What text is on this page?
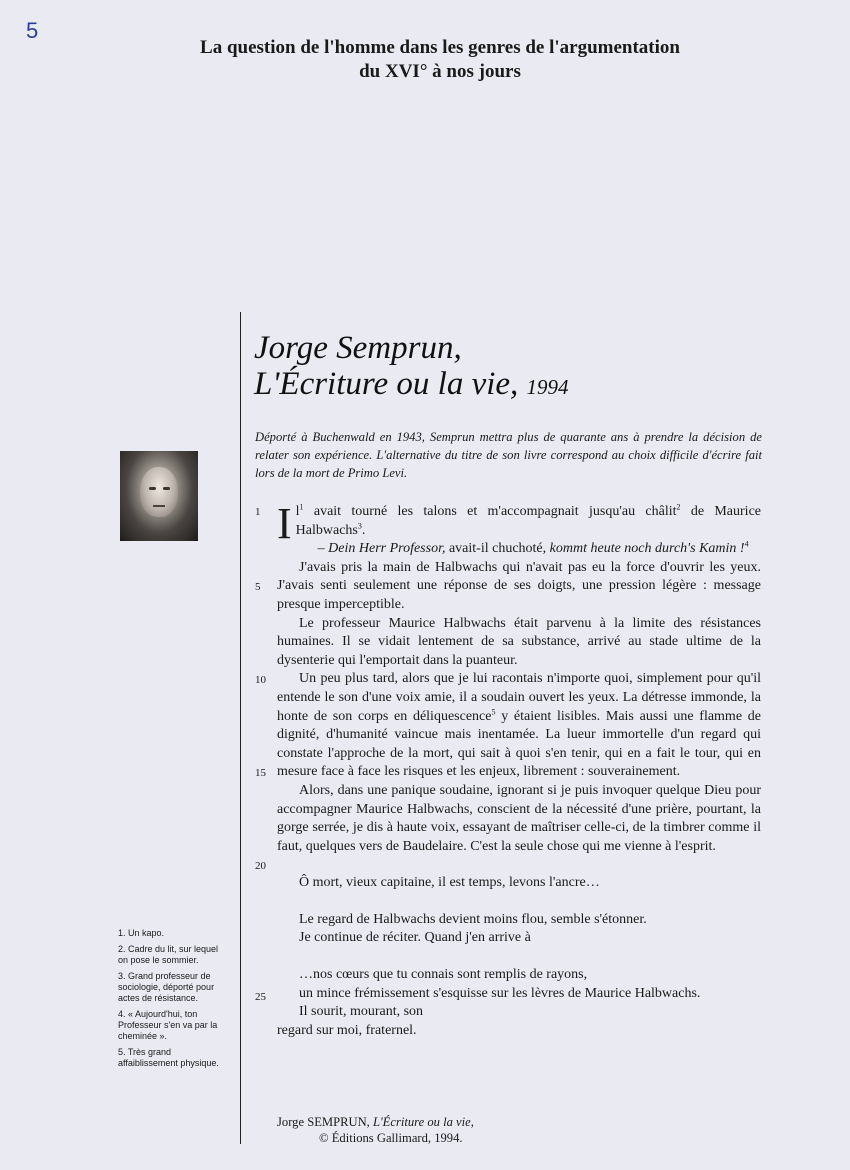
5
La question de l'homme dans les genres de l'argumentation
du XVI° à nos jours
Jorge Semprun,
L'Écriture ou la vie, 1994
Déporté à Buchenwald en 1943, Semprun mettra plus de quarante ans à prendre la décision de relater son expérience. L'alternative du titre de son livre correspond au choix difficile d'écrire fait lors de la mort de Primo Levi.
1
5
10
15
20
25

Il$^1$ avait tourné les talons et m'accompagnait jusqu'au châlit$^2$ de Maurice Halbwachs$^3$.

– Dein Herr Professor, avait-il chuchoté, kommt heute noch durch's Kamin !$^4$

J'avais pris la main de Halbwachs qui n'avait pas eu la force d'ouvrir les yeux. J'avais senti seulement une réponse de ses doigts, une pression légère : message presque imperceptible.

Le professeur Maurice Halbwachs était parvenu à la limite des résistances humaines. Il se vidait lentement de sa substance, arrivé au stade ultime de la dysenterie qui l'emportait dans la puanteur.

Un peu plus tard, alors que je lui racontais n'importe quoi, simplement pour qu'il entende le son d'une voix amie, il a soudain ouvert les yeux. La détresse immonde, la honte de son corps en déliquescence$^5$ y étaient lisibles. Mais aussi une flamme de dignité, d'humanité vaincue mais inentamée. La lueur immortelle d'un regard qui constate l'approche de la mort, qui sait à quoi s'en tenir, qui en a fait le tour, qui en mesure face à face les risques et les enjeux, librement : souverainement.

Alors, dans une panique soudaine, ignorant si je puis invoquer quelque Dieu pour accompagner Maurice Halbwachs, conscient de la nécessité d'une prière, pourtant, la gorge serrée, je dis à haute voix, essayant de maîtriser celle-ci, de la timbrer comme il faut, quelques vers de Baudelaire. C'est la seule chose qui me vienne à l'esprit.

Ô mort, vieux capitaine, il est temps, levons l'ancre…

Le regard de Halbwachs devient moins flou, semble s'étonner.

Je continue de réciter. Quand j'en arrive à

…nos cœurs que tu connais sont remplis de rayons,

un mince frémissement s'esquisse sur les lèvres de Maurice Halbwachs.

Il sourit, mourant, son

regard sur moi, fraternel.

Jorge SEMPRUN, L'Écriture ou la vie,
© Éditions Gallimard, 1994.
1. Un kapo.
2. Cadre du lit, sur lequel on pose le sommier.
3. Grand professeur de sociologie, déporté pour actes de résistance.
4. « Aujourd'hui, ton Professeur s'en va par la cheminée ».
5. Très grand affaiblissement physique.
